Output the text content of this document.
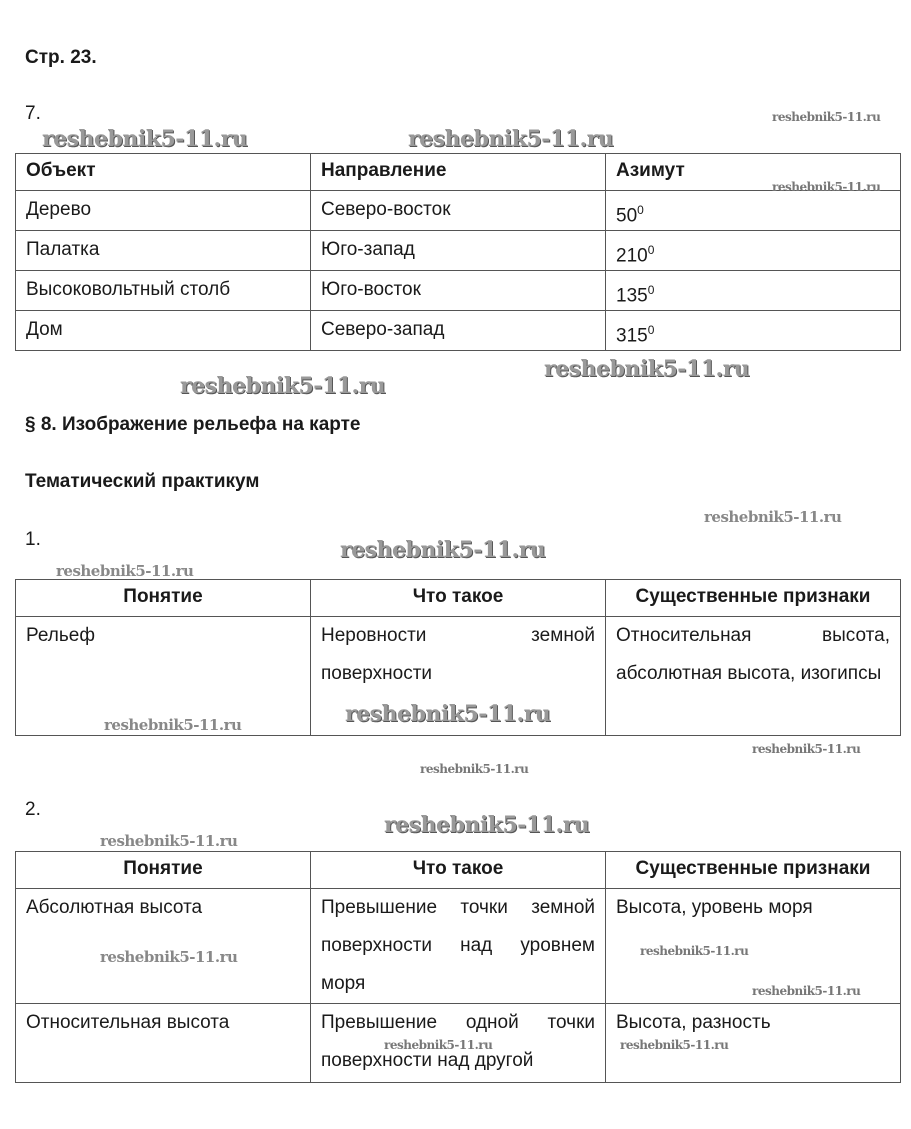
Стр. 23.
7.
Объект	Направление	Азимут
Дерево	Северо-восток	$50^0$
Палатка	Юго-запад	$210^0$
Высоковольтный столб	Юго-восток	$135^0$
Дом	Северо-запад	$315^0$
§ 8. Изображение рельефа на карте
Тематический практикум
1.
Понятие	Что такое	Существенные признаки
Рельеф	Неровности земной поверхности	Относительная высота, абсолютная высота, изогипсы
2.
Понятие	Что такое	Существенные признаки
Абсолютная высота	Превышение точки земной поверхности над уровнем моря	Высота, уровень моря
Относительная высота	Превышение одной точки поверхности над другой	Высота, разность
reshebnik5-11.ru
reshebnik5-11.ru	reshebnik5-11.ru
reshebnik5-11.ru
reshebnik5-11.ru
reshebnik5-11.ru
reshebnik5-11.ru
reshebnik5-11.ru
reshebnik5-11.ru
reshebnik5-11.ru
reshebnik5-11.ru
reshebnik5-11.ru
reshebnik5-11.ru
reshebnik5-11.ru
reshebnik5-11.ru
reshebnik5-11.ru
reshebnik5-11.ru
reshebnik5-11.ru
reshebnik5-11.ru	reshebnik5-11.ru
